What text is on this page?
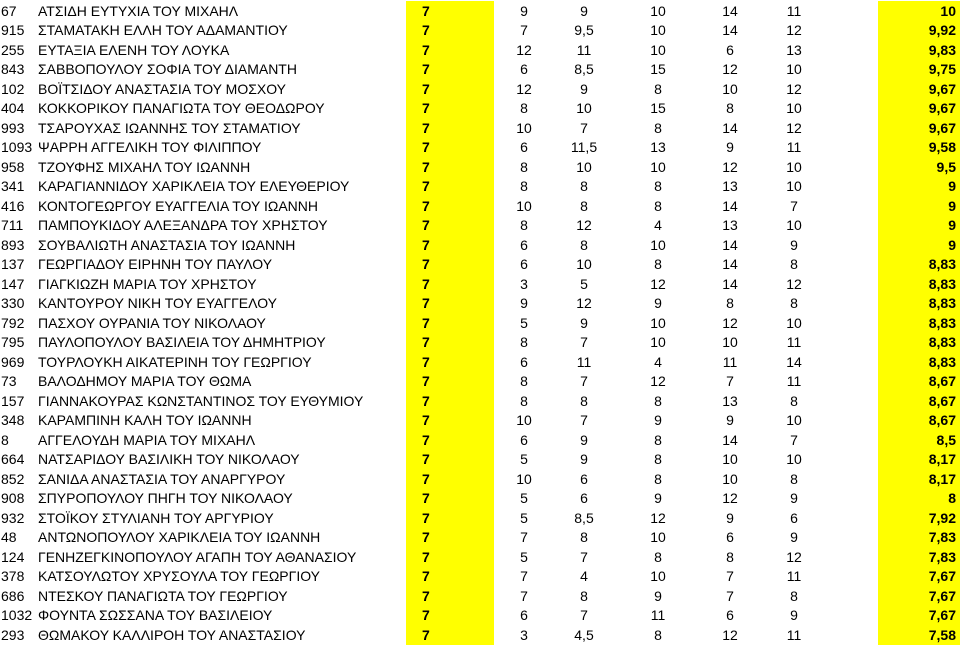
67	ΑΤΣΙΔΗ ΕΥΤΥΧΙΑ ΤΟΥ ΜΙΧΑΗΛ	7	9	9	10	14	11	10
915 ΣΤΑΜΑΤΑΚΗ ΕΛΛΗ ΤΟΥ ΑΔΑΜΑΝΤΙΟΥ	7	7	9,5	10	14	12	9,92
255 ΕΥΤΑΞΙΑ ΕΛΕΝΗ ΤΟΥ ΛΟΥΚΑ	7	12	11	10	6	13	9,83
843 ΣΑΒΒΟΠΟΥΛΟΥ ΣΟΦΙΑ ΤΟΥ ΔΙΑΜΑΝΤΗ	7	6	8,5	15	12	10	9,75
102 ΒΟΪΤΣΙΔΟΥ ΑΝΑΣΤΑΣΙΑ ΤΟΥ ΜΟΣΧΟΥ	7	12	9	8	10	12	9,67
404 ΚΟΚΚΟΡΙΚΟΥ ΠΑΝΑΓΙΩΤΑ ΤΟΥ ΘΕΟΔΩΡΟΥ	7	8	10	15	8	10	9,67
993 ΤΣΑΡΟΥΧΑΣ ΙΩΑΝΝΗΣ ΤΟΥ ΣΤΑΜΑΤΙΟΥ	7	10	7	8	14	12	9,67
1093 ΨΑΡΡΗ ΑΓΓΕΛΙΚΗ ΤΟΥ ΦΙΛΙΠΠΟΥ	7	6	11,5	13	9	11	9,58
958 ΤΖΟΥΦΗΣ ΜΙΧΑΗΛ ΤΟΥ ΙΩΑΝΝΗ	7	8	10	10	12	10	9,5
341 ΚΑΡΑΓΙΑΝΝΙΔΟΥ ΧΑΡΙΚΛΕΙΑ ΤΟΥ ΕΛΕΥΘΕΡΙΟΥ	7	8	8	8	13	10	9
416 ΚΟΝΤΟΓΕΩΡΓΟΥ ΕΥΑΓΓΕΛΙΑ ΤΟΥ ΙΩΑΝΝΗ	7	10	8	8	14	7	9
711	ΠΑΜΠΟΥΚΙΔΟΥ ΑΛΕΞΑΝΔΡΑ ΤΟΥ ΧΡΗΣΤΟΥ	7	8	12	4	13	10	9
893 ΣΟΥΒΑΛΙΩΤΗ ΑΝΑΣΤΑΣΙΑ ΤΟΥ ΙΩΑΝΝΗ	7	6	8	10	14	9	9
137 ΓΕΩΡΓΙΑΔΟΥ ΕΙΡΗΝΗ ΤΟΥ ΠΑΥΛΟΥ	7	6	10	8	14	8	8,83
147 ΓΙΑΓΚΙΩΖΗ ΜΑΡΙΑ ΤΟΥ ΧΡΗΣΤΟΥ	7	3	5	12	14	12	8,83
330 ΚΑΝΤΟΥΡΟΥ ΝΙΚΗ ΤΟΥ ΕΥΑΓΓΕΛΟΥ	7	9	12	9	8	8	8,83
792 ΠΑΣΧΟΥ ΟΥΡΑΝΙΑ ΤΟΥ ΝΙΚΟΛΑΟΥ	7	5	9	10	12	10	8,83
795 ΠΑΥΛΟΠΟΥΛΟΥ ΒΑΣΙΛΕΙΑ ΤΟΥ ΔΗΜΗΤΡΙΟΥ	7	8	7	10	10	11	8,83
969 ΤΟΥΡΛΟΥΚΗ ΑΙΚΑΤΕΡΙΝΗ ΤΟΥ ΓΕΩΡΓΙΟΥ	7	6	11	4	11	14	8,83
73	ΒΑΛΟΔΗΜΟΥ ΜΑΡΙΑ ΤΟΥ ΘΩΜΑ	7	8	7	12	7	11	8,67
157 ΓΙΑΝΝΑΚΟΥΡΑΣ ΚΩΝΣΤΑΝΤΙΝΟΣ ΤΟΥ ΕΥΘΥΜΙΟΥ	7	8	8	8	13	8	8,67
348 ΚΑΡΑΜΠΙΝΗ ΚΑΛΗ ΤΟΥ ΙΩΑΝΝΗ	7	10	7	9	9	10	8,67
8	ΑΓΓΕΛΟΥΔΗ ΜΑΡΙΑ ΤΟΥ ΜΙΧΑΗΛ	7	6	9	8	14	7	8,5
664 ΝΑΤΣΑΡΙΔΟΥ ΒΑΣΙΛΙΚΗ ΤΟΥ ΝΙΚΟΛΑΟΥ	7	5	9	8	10	10	8,17
852 ΣΑΝΙΔΑ ΑΝΑΣΤΑΣΙΑ ΤΟΥ ΑΝΑΡΓΥΡΟΥ	7	10	6	8	10	8	8,17
908 ΣΠΥΡΟΠΟΥΛΟΥ ΠΗΓΗ ΤΟΥ ΝΙΚΟΛΑΟΥ	7	5	6	9	12	9	8
932 ΣΤΟΪΚΟΥ ΣΤΥΛΙΑΝΗ ΤΟΥ ΑΡΓΥΡΙΟΥ	7	5	8,5	12	9	6	7,92
48	ΑΝΤΩΝΟΠΟΥΛΟΥ ΧΑΡΙΚΛΕΙΑ ΤΟΥ ΙΩΑΝΝΗ	7	7	8	10	6	9	7,83
124 ΓΕΝΗΖΕΓΚΙΝΟΠΟΥΛΟΥ ΑΓΑΠΗ ΤΟΥ ΑΘΑΝΑΣΙΟΥ	7	5	7	8	8	12	7,83
378 ΚΑΤΣΟΥΛΩΤΟΥ ΧΡΥΣΟΥΛΑ ΤΟΥ ΓΕΩΡΓΙΟΥ	7	7	4	10	7	11	7,67
686 ΝΤΕΣΚΟΥ ΠΑΝΑΓΙΩΤΑ ΤΟΥ ΓΕΩΡΓΙΟΥ	7	7	8	9	7	8	7,67
1032 ΦΟΥΝΤΑ ΣΩΣΣΑΝΑ ΤΟΥ ΒΑΣΙΛΕΙΟΥ	7	6	7	11	6	9	7,67
293 ΘΩΜΑΚΟΥ ΚΑΛΛΙΡΟΗ ΤΟΥ ΑΝΑΣΤΑΣΙΟΥ	7	3	4,5	8	12	11	7,58
